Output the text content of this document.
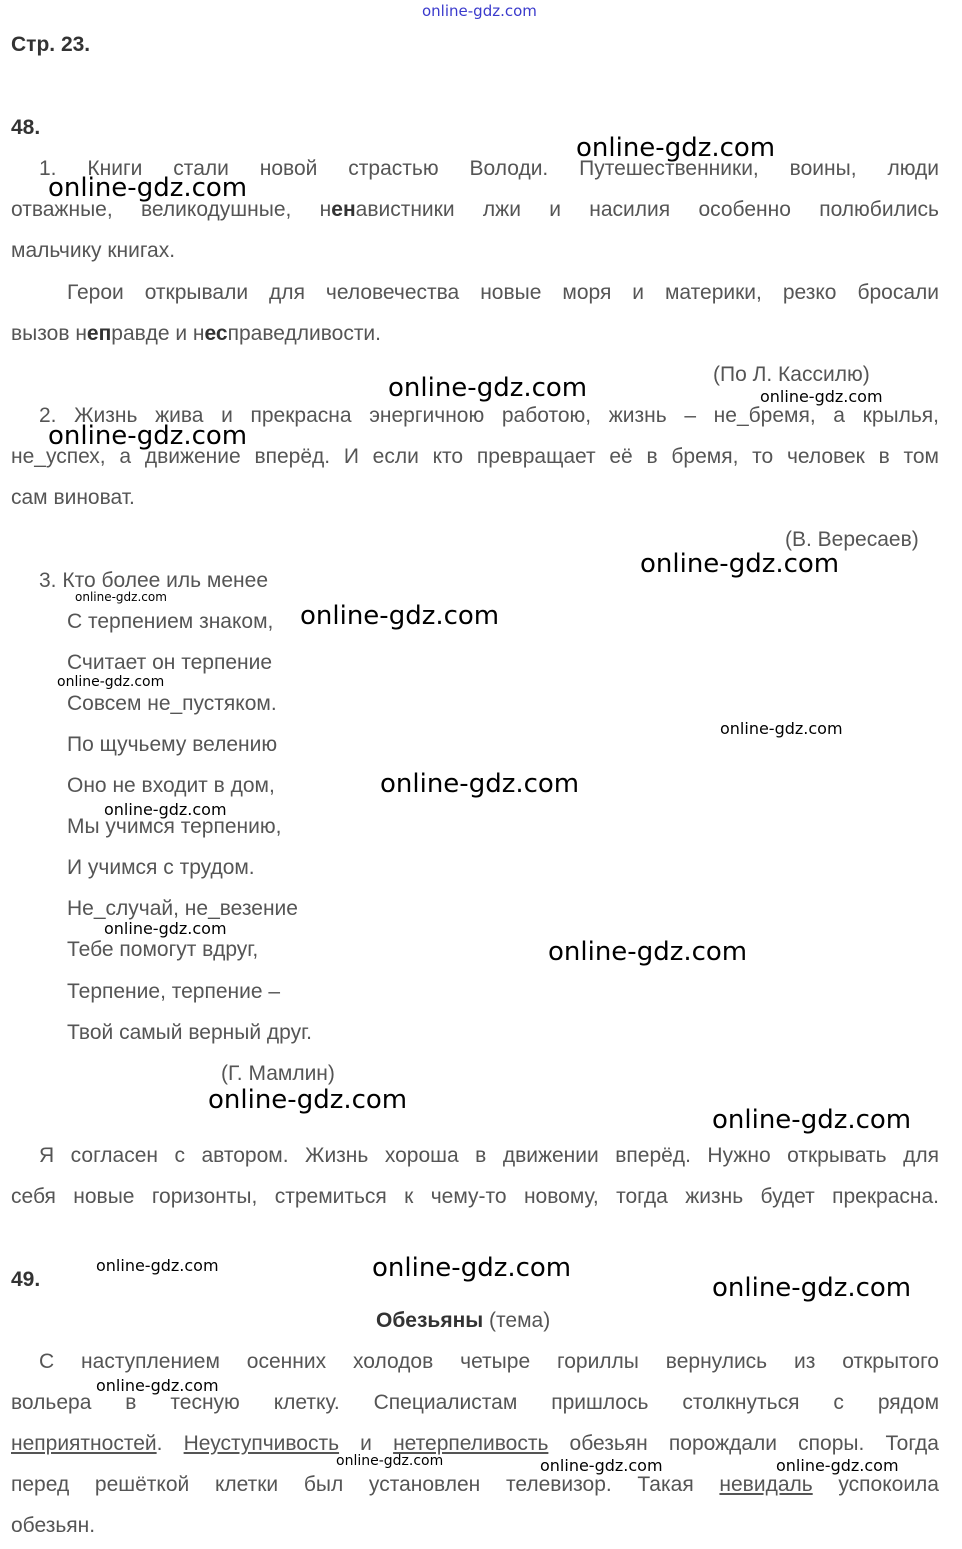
online-gdz.com
Стр. 23.
48.
1. Книги стали новой страстью Володи. Путешественники, воины, люди
отважные, великодушные, ненавистники лжи и насилия особенно полюбились
мальчику книгах.
Герои открывали для человечества новые моря и материки, резко бросали
вызов неправде и несправедливости.
(По Л. Кассилю)
2. Жизнь жива и прекрасна энергичною работою, жизнь – не_бремя, а крылья,
не_успех, а движение вперёд. И если кто превращает её в бремя, то человек в том
сам виноват.
(В. Вересаев)
3. Кто более иль менее
С терпением знаком,
Считает он терпение
Совсем не_пустяком.
По щучьему велению
Оно не входит в дом,
Мы учимся терпению,
И учимся с трудом.
Не_случай, не_везение
Тебе помогут вдруг,
Терпение, терпение –
Твой самый верный друг.
(Г. Мамлин)
Я согласен с автором. Жизнь хороша в движении вперёд. Нужно открывать для
себя новые горизонты, стремиться к чему-то новому, тогда жизнь будет прекрасна.
49.
Обезьяны (тема)
С наступлением осенних холодов четыре гориллы вернулись из открытого
вольера в тесную клетку. Специалистам пришлось столкнуться с рядом
неприятностей. Неуступчивость и нетерпеливость обезьян порождали споры. Тогда
перед решёткой клетки был установлен телевизор. Такая невидаль успокоила
обезьян.
online-gdz.com
online-gdz.com
online-gdz.com	online-gdz.com
online-gdz.com
online-gdz.com
online-gdz.com
online-gdz.com
online-gdz.com
online-gdz.com
online-gdz.com
online-gdz.com
online-gdz.com
online-gdz.com
online-gdz.com
online-gdz.com
online-gdz.com	online-gdz.com
online-gdz.com
online-gdz.com
online-gdz.com	online-gdz.com	online-gdz.com
